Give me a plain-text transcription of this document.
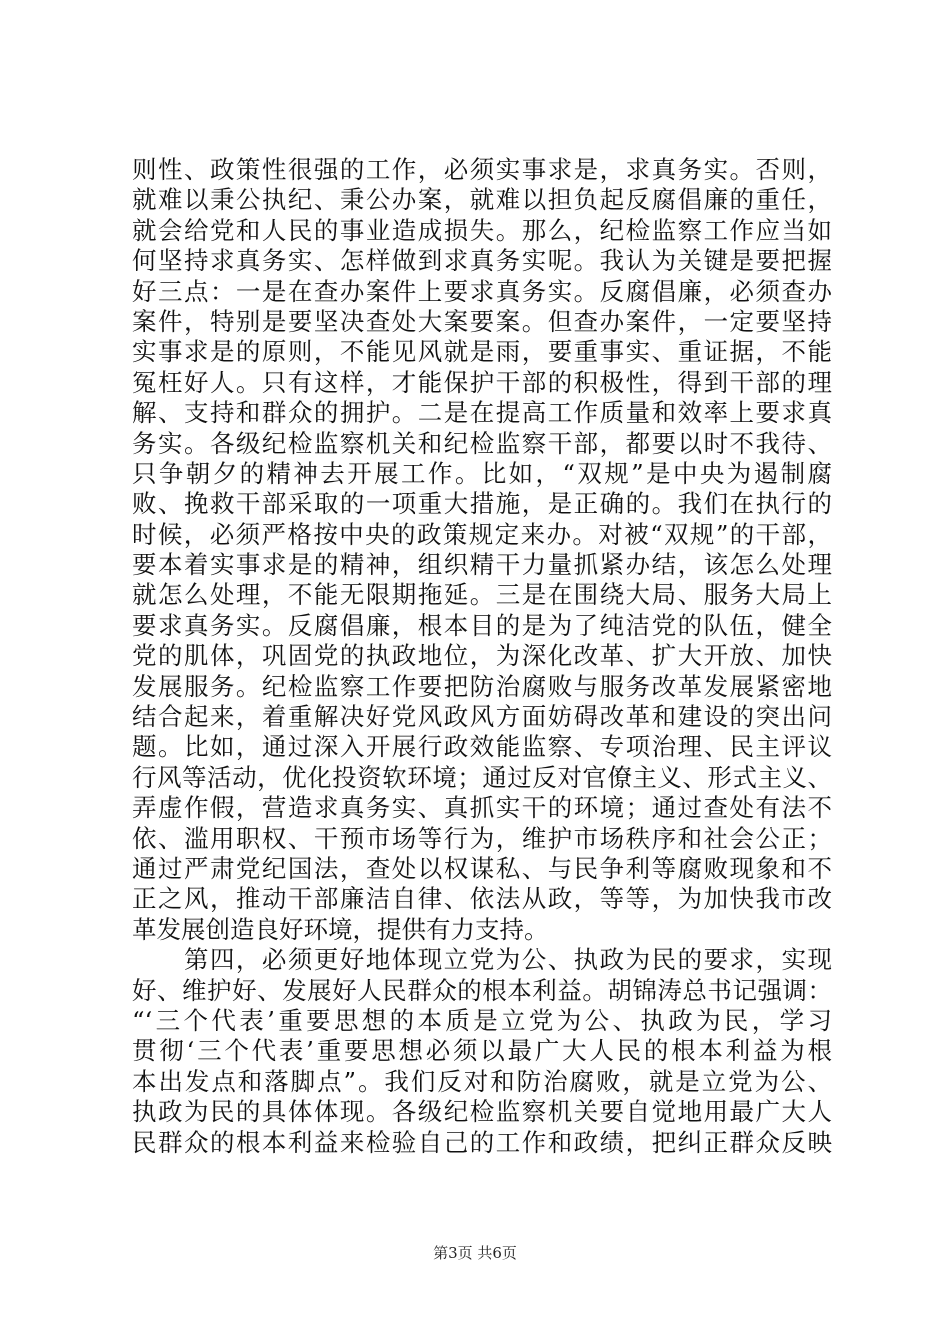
则性、政策性很强的工作，必须实事求是，求真务实。否则，
就难以秉公执纪、秉公办案，就难以担负起反腐倡廉的重任，
就会给党和人民的事业造成损失。那么，纪检监察工作应当如
何坚持求真务实、怎样做到求真务实呢。我认为关键是要把握
好三点：一是在查办案件上要求真务实。反腐倡廉，必须查办
案件，特别是要坚决查处大案要案。但查办案件，一定要坚持
实事求是的原则，不能见风就是雨，要重事实、重证据，不能
冤枉好人。只有这样，才能保护干部的积极性，得到干部的理
解、支持和群众的拥护。二是在提高工作质量和效率上要求真
务实。各级纪检监察机关和纪检监察干部，都要以时不我待、
只争朝夕的精神去开展工作。比如，“双规”是中央为遏制腐
败、挽救干部采取的一项重大措施，是正确的。我们在执行的
时候，必须严格按中央的政策规定来办。对被“双规”的干部，
要本着实事求是的精神，组织精干力量抓紧办结，该怎么处理
就怎么处理，不能无限期拖延。三是在围绕大局、服务大局上
要求真务实。反腐倡廉，根本目的是为了纯洁党的队伍，健全
党的肌体，巩固党的执政地位，为深化改革、扩大开放、加快
发展服务。纪检监察工作要把防治腐败与服务改革发展紧密地
结合起来，着重解决好党风政风方面妨碍改革和建设的突出问
题。比如，通过深入开展行政效能监察、专项治理、民主评议
行风等活动，优化投资软环境；通过反对官僚主义、形式主义、
弄虚作假，营造求真务实、真抓实干的环境；通过查处有法不
依、滥用职权、干预市场等行为，维护市场秩序和社会公正；
通过严肃党纪国法，查处以权谋私、与民争利等腐败现象和不
正之风，推动干部廉洁自律、依法从政，等等，为加快我市改
革发展创造良好环境，提供有力支持。
　　第四，必须更好地体现立党为公、执政为民的要求，实现
好、维护好、发展好人民群众的根本利益。胡锦涛总书记强调：
“‘三个代表’重要思想的本质是立党为公、执政为民，学习
贯彻‘三个代表’重要思想必须以最广大人民的根本利益为根
本出发点和落脚点”。我们反对和防治腐败，就是立党为公、
执政为民的具体体现。各级纪检监察机关要自觉地用最广大人
民群众的根本利益来检验自己的工作和政绩，把纠正群众反映
第3页 共6页
